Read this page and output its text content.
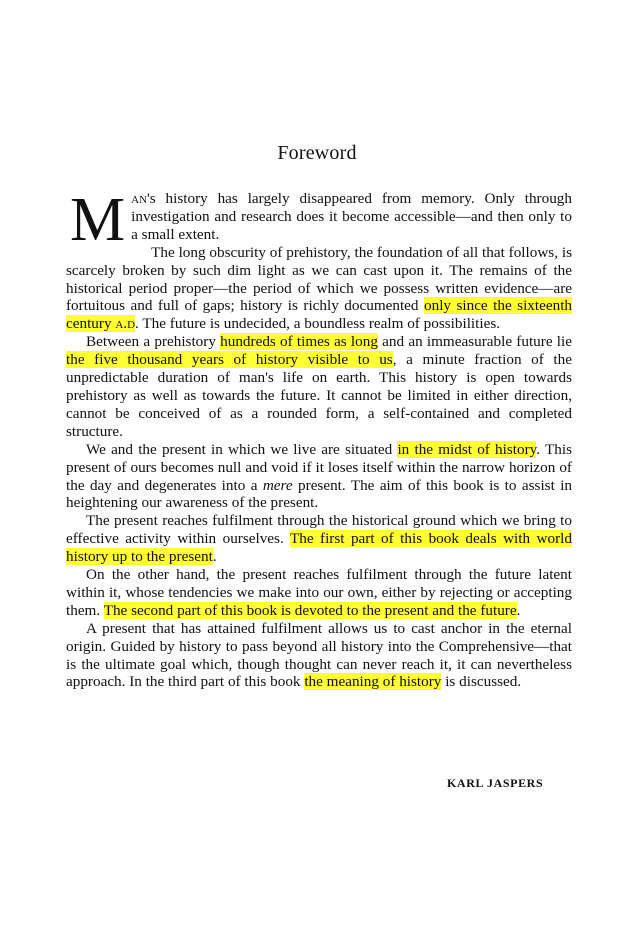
Foreword

Man's history has largely disappeared from memory. Only through investigation and research does it become accessible—and then only to a small extent.

The long obscurity of prehistory, the foundation of all that follows, is scarcely broken by such dim light as we can cast upon it. The remains of the historical period proper—the period of which we possess written evidence—are fortuitous and full of gaps; history is richly documented only since the sixteenth century a.d. The future is undecided, a boundless realm of possibilities.

Between a prehistory hundreds of times as long and an immeasurable future lie the five thousand years of history visible to us, a minute fraction of the unpredictable duration of man's life on earth. This history is open towards prehistory as well as towards the future. It cannot be limited in either direction, cannot be conceived of as a rounded form, a self-contained and completed structure.

We and the present in which we live are situated in the midst of history. This present of ours becomes null and void if it loses itself within the narrow horizon of the day and degenerates into a mere present. The aim of this book is to assist in heightening our awareness of the present.

The present reaches fulfilment through the historical ground which we bring to effective activity within ourselves. The first part of this book deals with world history up to the present.

On the other hand, the present reaches fulfilment through the future latent within it, whose tendencies we make into our own, either by rejecting or accepting them. The second part of this book is devoted to the present and the future.

A present that has attained fulfilment allows us to cast anchor in the eternal origin. Guided by history to pass beyond all history into the Comprehensive—that is the ultimate goal which, though thought can never reach it, it can nevertheless approach. In the third part of this book the meaning of history is discussed.

KARL JASPERS
